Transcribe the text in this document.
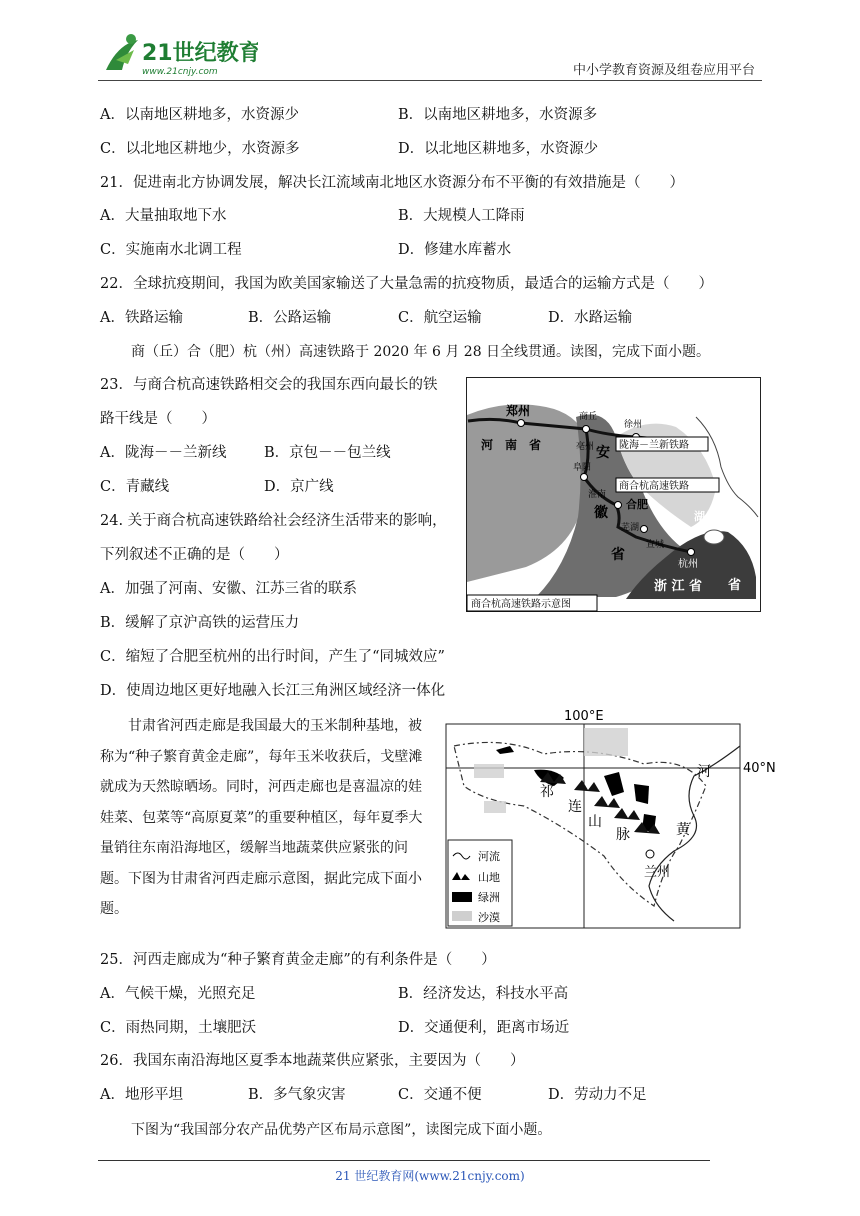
21世纪教育
www.21cnjy.com	中小学教育资源及组卷应用平台
A．以南地区耕地多，水资源少	B．以南地区耕地多，水资源多
C．以北地区耕地少，水资源多	D．以北地区耕地多，水资源少
21．促进南北方协调发展，解决长江流域南北地区水资源分布不平衡的有效措施是（　　）
A．大量抽取地下水	B．大规模人工降雨
C．实施南水北调工程	D．修建水库蓄水
22．全球抗疫期间，我国为欧美国家输送了大量急需的抗疫物质，最适合的运输方式是（　　）
A．铁路运输	B．公路运输	C．航空运输	D．水路运输
商（丘）合（肥）杭（州）高速铁路于 2020 年 6 月 28 日全线贯通。读图，完成下面小题。
23．与商合杭高速铁路相交会的我国东西向最长的铁
路干线是（　　）
A．陇海－－兰新线	B．京包－－包兰线
C．青藏线	D．京广线
24. 关于商合杭高速铁路给社会经济生活带来的影响，
下列叙述不正确的是（　　）
A．加强了河南、安徽、江苏三省的联系
B．缓解了京沪高铁的运营压力
C．缩短了合肥至杭州的出行时间，产生了“同城效应”
D．使周边地区更好地融入长江三角洲区域经济一体化
郑州	商丘
徐州
河　南　省	亳州 安
阜阳
淮南
合肥
徽
芜湖
宣城
省
湖州
杭州
浙 江 省 省
陇海－兰新铁路
商合杭高速铁路
商合杭高速铁路示意图
甘肃省河西走廊是我国最大的玉米制种基地，被称为“种子繁育黄金走廊”，每年玉米收获后，戈壁滩就成为天然晾晒场。同时，河西走廊也是喜温凉的娃娃菜、包菜等“高原夏菜”的重要种植区，每年夏季大量销往东南沿海地区，缓解当地蔬菜供应紧张的问题。下图为甘肃省河西走廊示意图，据此完成下面小题。
100°E
40°N
祁
连
山
脉
河
黄
兰州
河流
山地
绿洲
沙漠
25．河西走廊成为“种子繁育黄金走廊”的有利条件是（　　）
A．气候干燥，光照充足	B．经济发达，科技水平高
C．雨热同期，土壤肥沃	D．交通便利，距离市场近
26．我国东南沿海地区夏季本地蔬菜供应紧张，主要因为（　　）
A．地形平坦	B．多气象灾害	C．交通不便	D．劳动力不足
下图为“我国部分农产品优势产区布局示意图”，读图完成下面小题。
21 世纪教育网(www.21cnjy.com)
